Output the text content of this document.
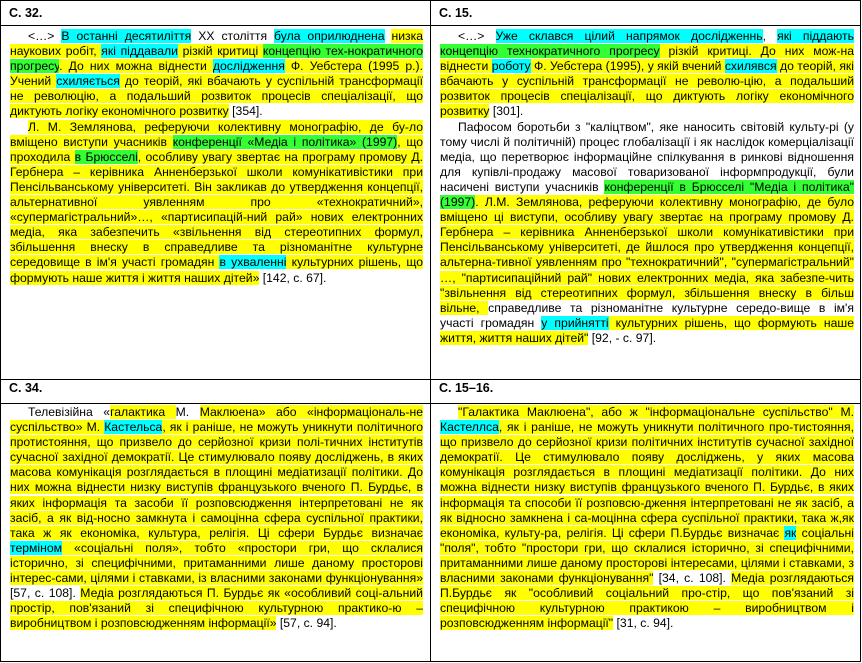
С. 32.	С. 15.
С. 34.	С. 15–16.

<…> В останні десятиліття XX століття була оприлюднена низка наукових робіт, які піддавали різкій критиці концепцію тех-нократичного прогресу. До них можна віднести дослідження Ф. Уебстера (1995 р.). Учений схиляється до теорій, які вбачають у суспільній трансформації не революцію, а подальший розвиток процесів спеціалізації, що диктують логіку економічного розвитку [354].

Л. М. Землянова, реферуючи колективну монографію, де бу-ло вміщено виступи учасників конференції «Медіа і політика» (1997), що проходила в Брюсселі, особливу увагу звертає на програму промову Д. Гербнера – керівника Анненберзької школи комунікативістики при Пенсільванському університеті. Він закликав до утвердження концепції, альтернативної уявленням про «технократичний», «супермагістральний»…, «партисипацій-ний рай» нових електронних медіа, яка забезпечить «звільнення від стереотипних формул, збільшення внеску в справедливе та різноманітне культурне середовище в ім'я участі громадян в ухваленні культурних рішень, що формують наше життя і життя наших дітей» [142, с. 67].

<…> Уже склався цілий напрямок дослідженнь, які піддають концепцію технократичного прогресу різкій критиці. До них мож-на віднести роботу Ф. Уебстера (1995), у якій вчений схилявся до теорій, які вбачають у суспільній трансформації не револю-цію, а подальший розвиток процесів спеціалізації, що диктують логіку економічного розвитку [301].

Пафосом боротьби з "каліцтвом", яке наносить світовій культу-рі (у тому числі й політичній) процес глобалізації і як наслідок комерціалізації медіа, що перетворює інформаційне спілкування в ринкові відношення для купівлі-продажу масової товаризованої інформпродукції, були насичені виступи учасників конференції в Брюсселі "Медіа і політика" (1997). Л.М. Землянова, реферуючи колективну монографію, де було вміщено ці виступи, особливу увагу звертає на програму промову Д. Гербнера – керівника Анненберзької школи комунікативістики при Пенсільванському університеті, де йшлося про утвердження концепції, альтерна-тивної уявленням про "технократичний", "супермагістральний" …, "партисипаційний рай" нових електронних медіа, яка забезпе-чить "звільнення від стереотипних формул, збільшення внеску в більш вільне, справедливе та різноманітне культурне середо-вище в ім'я участі громадян у прийнятті культурних рішень, що формують наше життя, життя наших дітей" [92, - с. 97].

Телевізійна «галактика М. Маклюена» або «інформаціональ-не суспільство» М. Кастельса, як і раніше, не можуть уникнути політичного протистояння, що призвело до серйозної кризи полі-тичних інститутів сучасної західної демократії. Це стимулювало появу досліджень, в яких масова комунікація розглядається в площині медіатизації політики. До них можна віднести низку виступів французького вченого П. Бурдьє, в яких інформація та засоби її розповсюдження інтерпретовані не як засіб, а як від-носно замкнута і самоцінна сфера суспільної практики, така ж як економіка, культура, релігія. Ці сфери Бурдьє визначає терміном «соціальні поля», тобто «простори гри, що склалися історично, зі специфічними, притаманними лише даному просторові інтерес-сами, цілями і ставками, із власними законами функціонування» [57, с. 108]. Медіа розглядаються П. Бурдьє як «особливий соці-альний простір, пов'язаний зі специфічною культурною практико-ю – виробництвом і розповсюдженням інформації» [57, с. 94].

"Галактика Маклюена", або ж "інформаціональне суспільство" М. Кастеллса, як і раніше, не можуть уникнути політичного про-тистояння, що призвело до серйозної кризи політичних інститутів сучасної західної демократії. Це стимулювало появу досліджень, у яких масова комунікація розглядається в площині медіатизації політики. До них можна віднести низку виступів французького вченого П. Бурдьє, в яких інформація та способи її розповсю-дження інтерпретовані не як засіб, а як відносно замкнена і са-моцінна сфера суспільної практики, така ж,як економіка, культу-ра, релігія. Ці сфери П.Бурдьє визначає як соціальні "поля", тобто "простори гри, що склалися історично, зі специфічними, притаманними лише даному просторові інтересами, цілями і ставками, з власними законами функціонування" [34, с. 108]. Медіа розглядаються П.Бурдьє як "особливий соціальний про-стір, що пов'язаний зі специфічною культурною практикою – виробництвом і розповсюдженням інформації" [31, с. 94].
